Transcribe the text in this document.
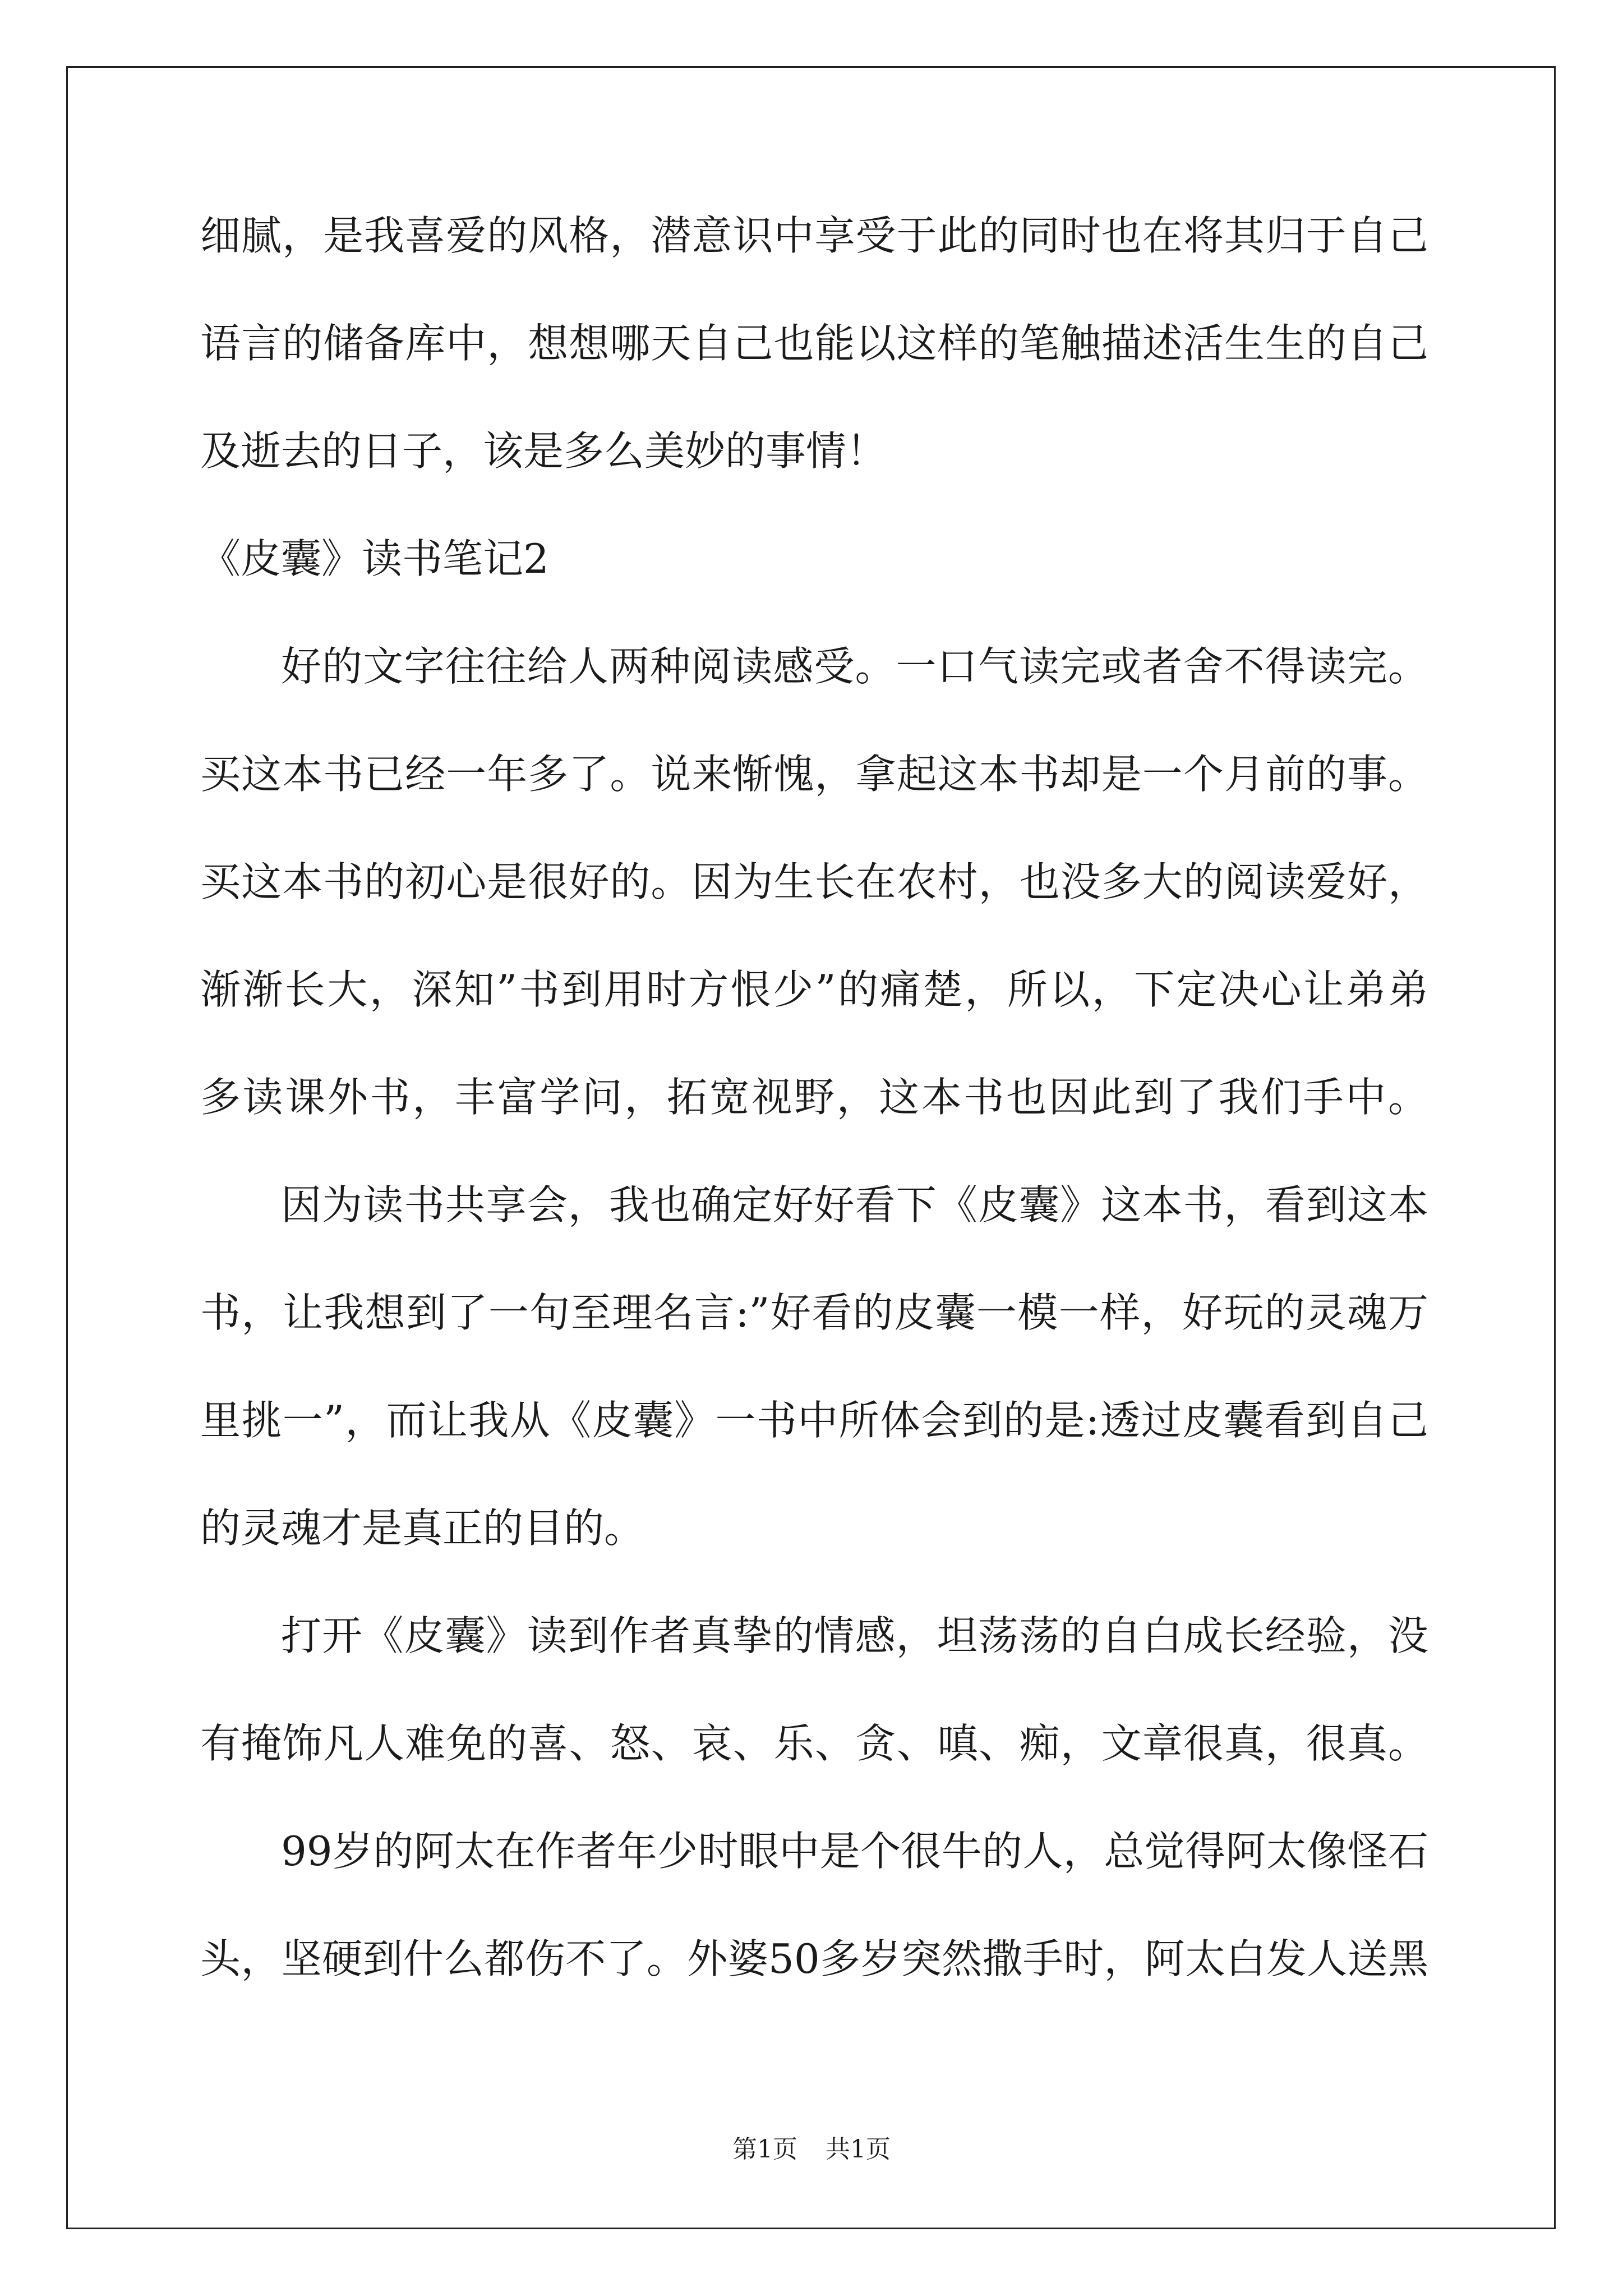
细腻，是我喜爱的风格，潜意识中享受于此的同时也在将其归于自己
语言的储备库中，想想哪天自己也能以这样的笔触描述活生生的自己
及逝去的日子，该是多么美妙的事情！
《皮囊》读书笔记2
好的文字往往给人两种阅读感受。一口气读完或者舍不得读完。
买这本书已经一年多了。说来惭愧，拿起这本书却是一个月前的事。
买这本书的初心是很好的。因为生长在农村，也没多大的阅读爱好，
渐渐长大，深知”书到用时方恨少”的痛楚，所以，下定决心让弟弟
多读课外书，丰富学问，拓宽视野，这本书也因此到了我们手中。
因为读书共享会，我也确定好好看下《皮囊》这本书，看到这本
书，让我想到了一句至理名言:”好看的皮囊一模一样，好玩的灵魂万
里挑一”，而让我从《皮囊》一书中所体会到的是:透过皮囊看到自己
的灵魂才是真正的目的。
打开《皮囊》读到作者真挚的情感，坦荡荡的自白成长经验，没
有掩饰凡人难免的喜、怒、哀、乐、贪、嗔、痴，文章很真，很真。
99岁的阿太在作者年少时眼中是个很牛的人，总觉得阿太像怪石
头，坚硬到什么都伤不了。外婆50多岁突然撒手时，阿太白发人送黑
第1页 共1页
